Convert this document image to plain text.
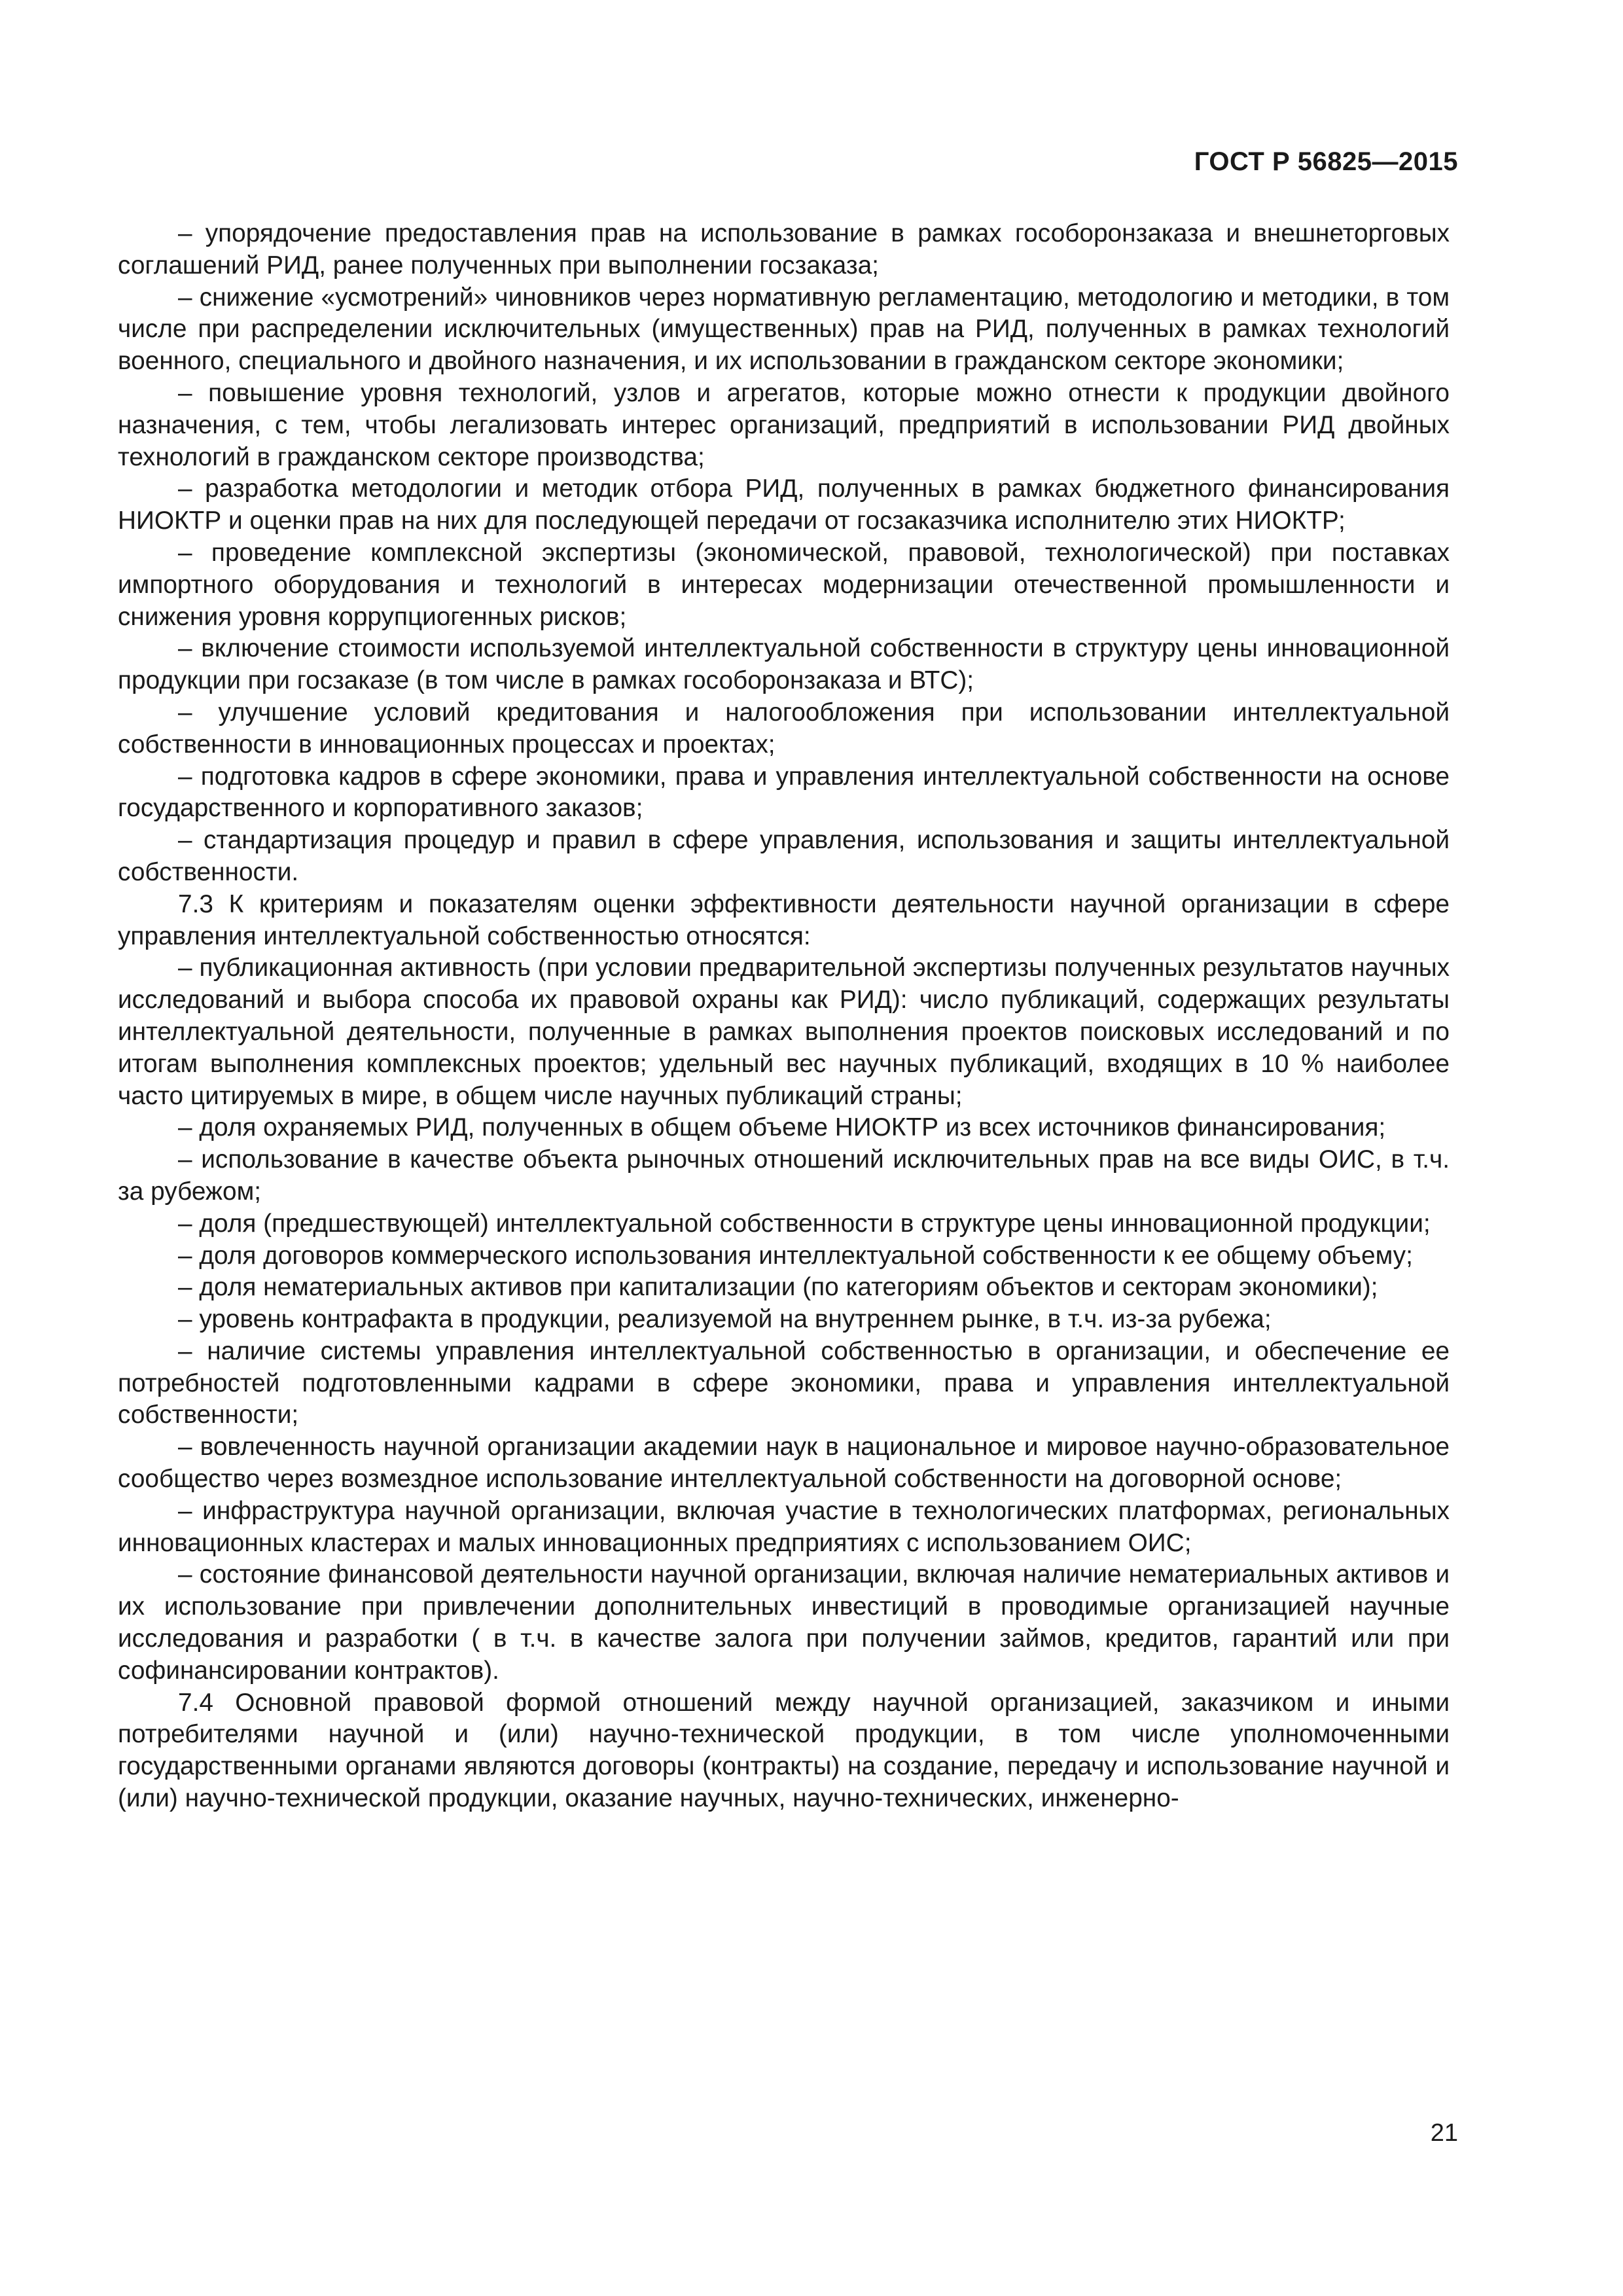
ГОСТ Р 56825—2015

– упорядочение предоставления прав на использование в рамках гособоронзаказа и внешнеторговых соглашений РИД, ранее полученных при выполнении госзаказа;

– снижение «усмотрений» чиновников через нормативную регламентацию, методологию и методики, в том числе при распределении исключительных (имущественных) прав на РИД, полученных в рамках технологий военного, специального и двойного назначения, и их использовании в гражданском секторе экономики;

– повышение уровня технологий, узлов и агрегатов, которые можно отнести к продукции двойного назначения, с тем, чтобы легализовать интерес организаций, предприятий в использовании РИД двойных технологий в гражданском секторе производства;

– разработка методологии и методик отбора РИД, полученных в рамках бюджетного финансирования НИОКТР и оценки прав на них для последующей передачи от госзаказчика исполнителю этих НИОКТР;

– проведение комплексной экспертизы (экономической, правовой, технологической) при поставках импортного оборудования и технологий в интересах модернизации отечественной промышленности и снижения уровня коррупциогенных рисков;

– включение стоимости используемой интеллектуальной собственности в структуру цены инновационной продукции при госзаказе (в том числе в рамках гособоронзаказа и ВТС);

– улучшение условий кредитования и налогообложения при использовании интеллектуальной собственности в инновационных процессах и проектах;

– подготовка кадров в сфере экономики, права и управления интеллектуальной собственности на основе государственного и корпоративного заказов;

– стандартизация процедур и правил в сфере управления, использования и защиты интеллектуальной собственности.

7.3 К критериям и показателям оценки эффективности деятельности научной организации в сфере управления интеллектуальной собственностью относятся:

– публикационная активность (при условии предварительной экспертизы полученных результатов научных исследований и выбора способа их правовой охраны как РИД): число публикаций, содержащих результаты интеллектуальной деятельности, полученные в рамках выполнения проектов поисковых исследований и по итогам выполнения комплексных проектов; удельный вес научных публикаций, входящих в 10 % наиболее часто цитируемых в мире, в общем числе научных публикаций страны;

– доля охраняемых РИД, полученных в общем объеме НИОКТР из всех источников финансирования;

– использование в качестве объекта рыночных отношений исключительных прав на все виды ОИС, в т.ч. за рубежом;

– доля (предшествующей) интеллектуальной собственности в структуре цены инновационной продукции;

– доля договоров коммерческого использования интеллектуальной собственности к ее общему объему;

– доля нематериальных активов при капитализации (по категориям объектов и секторам экономики);

– уровень контрафакта в продукции, реализуемой на внутреннем рынке, в т.ч. из-за рубежа;

– наличие системы управления интеллектуальной собственностью в организации, и обеспечение ее потребностей подготовленными кадрами в сфере экономики, права и управления интеллектуальной собственности;

– вовлеченность научной организации академии наук в национальное и мировое научно-образовательное сообщество через возмездное использование интеллектуальной собственности на договорной основе;

– инфраструктура научной организации, включая участие в технологических платформах, региональных инновационных кластерах и малых инновационных предприятиях с использованием ОИС;

– состояние финансовой деятельности научной организации, включая наличие нематериальных активов и их использование при привлечении дополнительных инвестиций в проводимые организацией научные исследования и разработки ( в т.ч. в качестве залога при получении займов, кредитов, гарантий или при софинансировании контрактов).

7.4 Основной правовой формой отношений между научной организацией, заказчиком и иными потребителями научной и (или) научно-технической продукции, в том числе уполномоченными государственными органами являются договоры (контракты) на создание, передачу и использование научной и (или) научно-технической продукции, оказание научных, научно-технических, инженерно-

21
